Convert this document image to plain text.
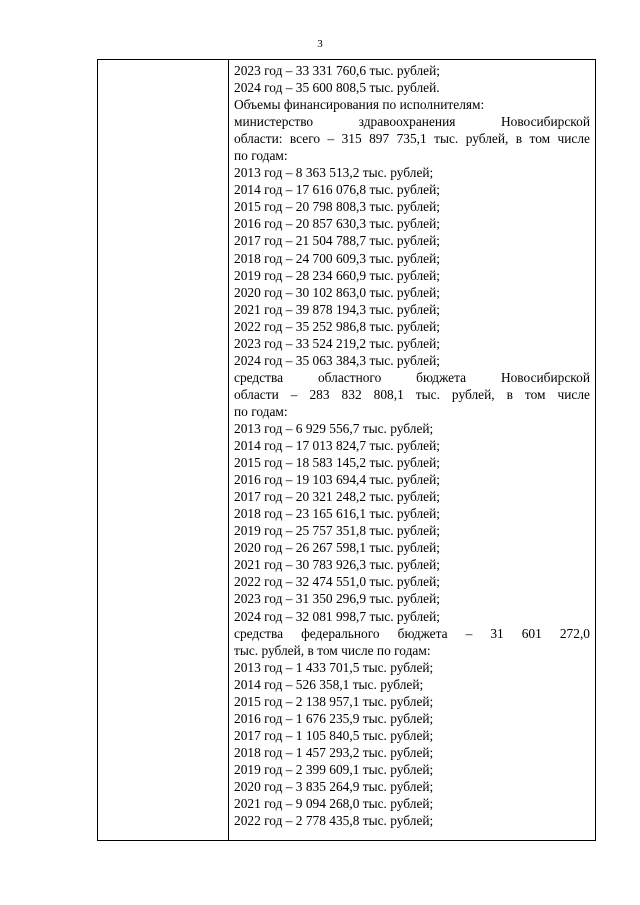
3
2023 год – 33 331 760,6 тыс. рублей;
2024 год – 35 600 808,5 тыс. рублей.
Объемы финансирования по исполнителям:
министерство здравоохранения Новосибирской
области: всего – 315 897 735,1 тыс. рублей, в том числе
по годам:
2013 год – 8 363 513,2 тыс. рублей;
2014 год – 17 616 076,8 тыс. рублей;
2015 год – 20 798 808,3 тыс. рублей;
2016 год – 20 857 630,3 тыс. рублей;
2017 год – 21 504 788,7 тыс. рублей;
2018 год – 24 700 609,3 тыс. рублей;
2019 год – 28 234 660,9 тыс. рублей;
2020 год – 30 102 863,0 тыс. рублей;
2021 год – 39 878 194,3 тыс. рублей;
2022 год – 35 252 986,8 тыс. рублей;
2023 год – 33 524 219,2 тыс. рублей;
2024 год – 35 063 384,3 тыс. рублей;
средства областного бюджета Новосибирской
области – 283 832 808,1 тыс. рублей, в том числе
по годам:
2013 год – 6 929 556,7 тыс. рублей;
2014 год – 17 013 824,7 тыс. рублей;
2015 год – 18 583 145,2 тыс. рублей;
2016 год – 19 103 694,4 тыс. рублей;
2017 год – 20 321 248,2 тыс. рублей;
2018 год – 23 165 616,1 тыс. рублей;
2019 год – 25 757 351,8 тыс. рублей;
2020 год – 26 267 598,1 тыс. рублей;
2021 год – 30 783 926,3 тыс. рублей;
2022 год – 32 474 551,0 тыс. рублей;
2023 год – 31 350 296,9 тыс. рублей;
2024 год – 32 081 998,7 тыс. рублей;
средства федерального бюджета – 31 601 272,0
тыс. рублей, в том числе по годам:
2013 год – 1 433 701,5 тыс. рублей;
2014 год – 526 358,1 тыс. рублей;
2015 год – 2 138 957,1 тыс. рублей;
2016 год – 1 676 235,9 тыс. рублей;
2017 год – 1 105 840,5 тыс. рублей;
2018 год – 1 457 293,2 тыс. рублей;
2019 год – 2 399 609,1 тыс. рублей;
2020 год – 3 835 264,9 тыс. рублей;
2021 год – 9 094 268,0 тыс. рублей;
2022 год – 2 778 435,8 тыс. рублей;
